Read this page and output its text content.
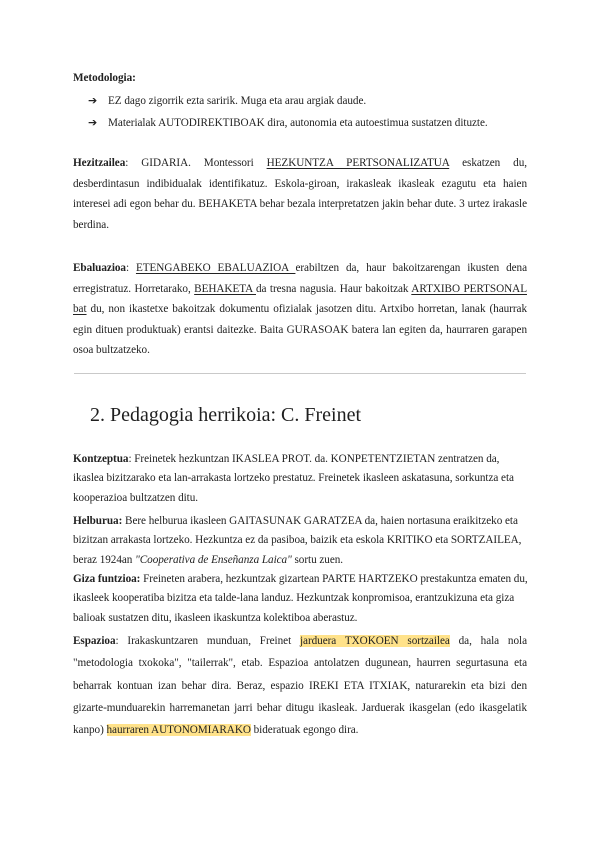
Metodologia:

➔ EZ dago zigorrik ezta saririk. Muga eta arau argiak daude.
➔ Materialak AUTODIREKTIBOAK dira, autonomia eta autoestimua sustatzen dituzte.

Hezitzailea: GIDARIA. Montessori HEZKUNTZA PERTSONALIZATUA eskatzen du, desberdintasun indibidualak identifikatuz. Eskola-giroan, irakasleak ikasleak ezagutu eta haien interesei adi egon behar du. BEHAKETA behar bezala interpretatzen jakin behar dute. 3 urtez irakasle berdina.

Ebaluazioa: ETENGABEKO EBALUAZIOA erabiltzen da, haur bakoitzarengan ikusten dena erregistratuz. Horretarako, BEHAKETA da tresna nagusia. Haur bakoitzak ARTXIBO PERTSONAL bat du, non ikastetxe bakoitzak dokumentu ofizialak jasotzen ditu. Artxibo horretan, lanak (haurrak egin dituen produktuak) erantsi daitezke. Baita GURASOAK batera lan egiten da, haurraren garapen osoa bultzatzeko.

2. Pedagogia herrikoia: C. Freinet

Kontzeptua: Freinetek hezkuntzan IKASLEA PROT. da. KONPETENTZIETAN zentratzen da, ikaslea bizitzarako eta lan-arrakasta lortzeko prestatuz. Freinetek ikasleen askatasuna, sorkuntza eta kooperazioa bultzatzen ditu.

Helburua: Bere helburua ikasleen GAITASUNAK GARATZEA da, haien nortasuna eraikitzeko eta bizitzan arrakasta lortzeko. Hezkuntza ez da pasiboa, baizik eta eskola KRITIKO eta SORTZAILEA, beraz 1924an "Cooperativa de Enseñanza Laica" sortu zuen.

Giza funtzioa: Freineten arabera, hezkuntzak gizartean PARTE HARTZEKO prestakuntza ematen du, ikasleek kooperatiba bizitza eta talde-lana landuz. Hezkuntzak konpromisoa, erantzukizuna eta giza balioak sustatzen ditu, ikasleen ikaskuntza kolektiboa aberastuz.

Espazioa: Irakaskuntzaren munduan, Freinet jarduera TXOKOEN sortzailea da, hala nola "metodologia txokoka", "tailerrak", etab. Espazioa antolatzen dugunean, haurren segurtasuna eta beharrak kontuan izan behar dira. Beraz, espazio IREKI ETA ITXIAK, naturarekin eta bizi den gizarte-munduarekin harremanetan jarri behar ditugu ikasleak. Jarduerak ikasgelan (edo ikasgelatik kanpo) haurraren AUTONOMIARAKO bideratuak egongo dira.
